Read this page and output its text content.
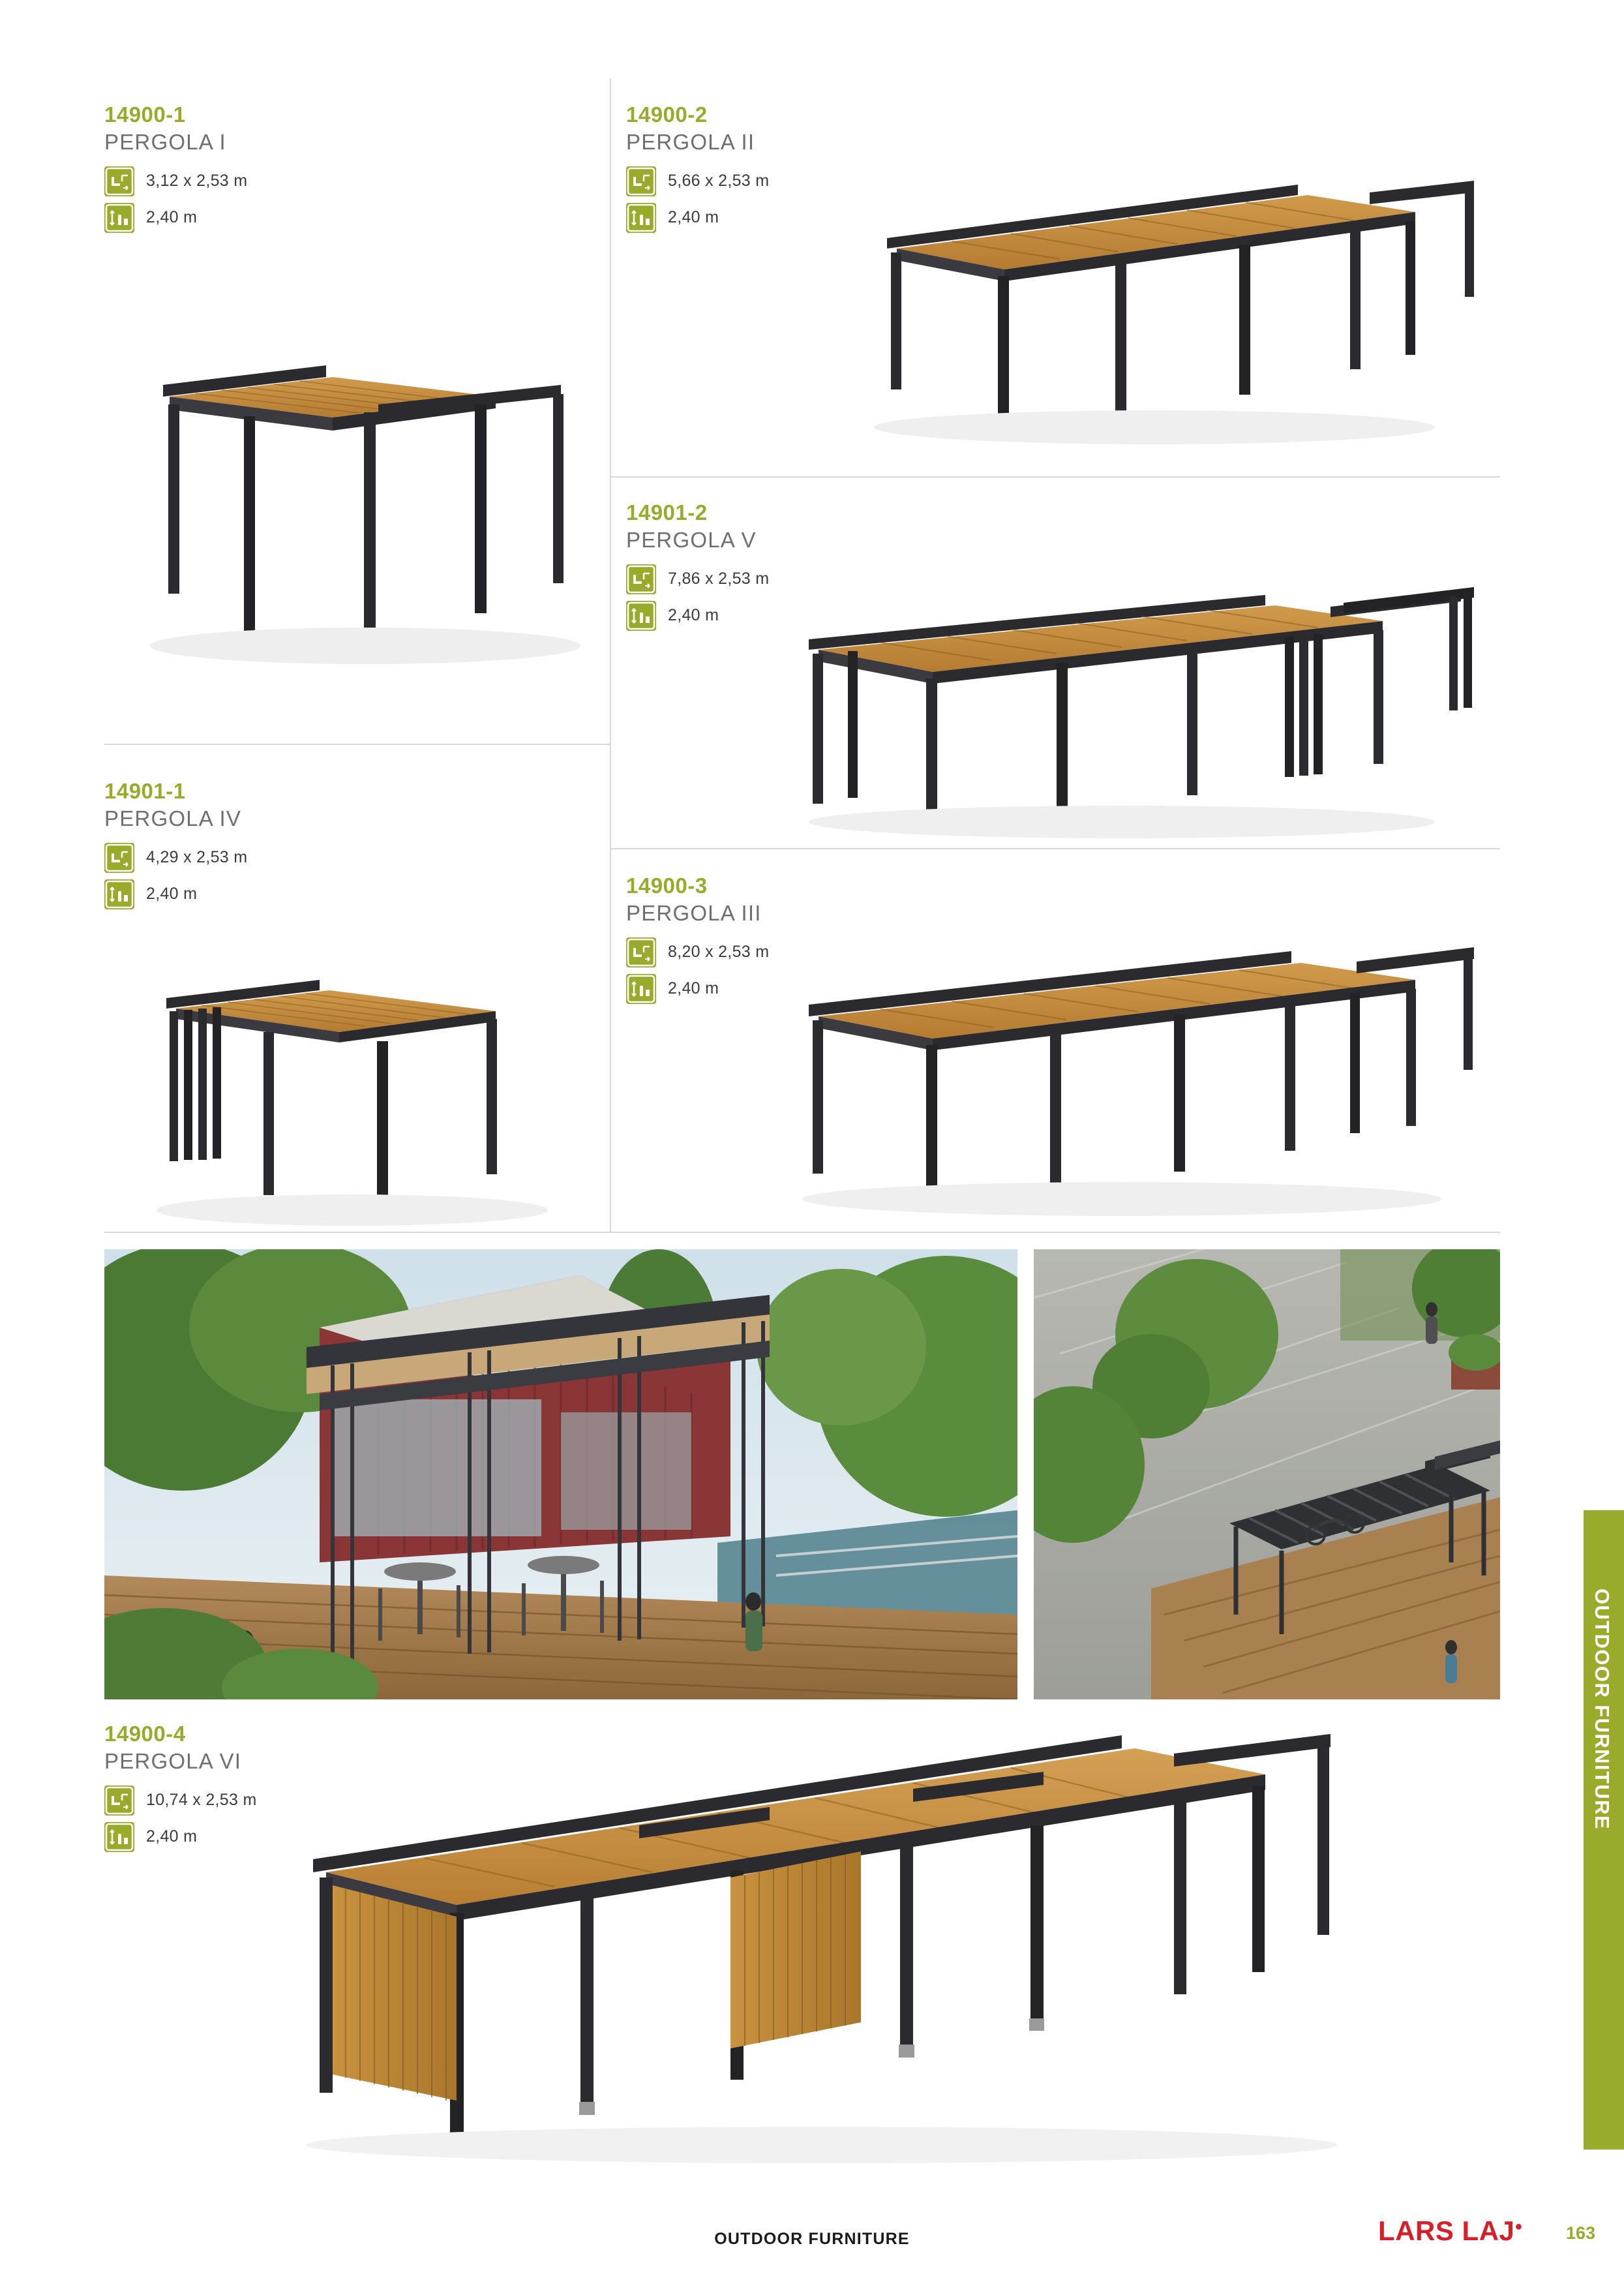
14900-1
PERGOLA I
3,12 x 2,53 m
2,40 m
14901-1
PERGOLA IV
4,29 x 2,53 m
2,40 m
14900-2
PERGOLA II
5,66 x 2,53 m
2,40 m
14901-2
PERGOLA V
7,86 x 2,53 m
2,40 m
14900-3
PERGOLA III
8,20 x 2,53 m
2,40 m
14900-4
PERGOLA VI
10,74 x 2,53 m
2,40 m
OUTDOOR FURNITURE
OUTDOOR FURNITURE	LARS LAJ● 163
